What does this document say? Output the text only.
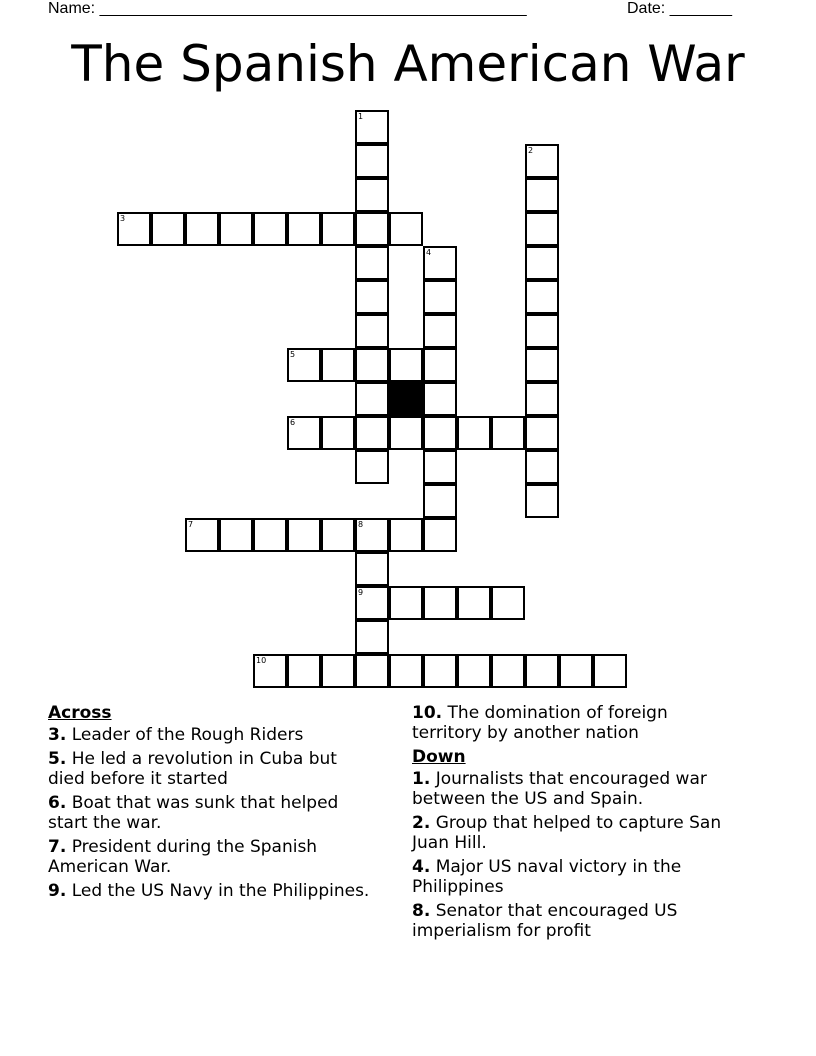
Name: ________________________________________________	Date: _______
The Spanish American War
1
2
3
4
5
6
7	8
9
10
Across
3. Leader of the Rough Riders
5. He led a revolution in Cuba but died before it started
6. Boat that was sunk that helped start the war.
7. President during the Spanish American War.
9. Led the US Navy in the Philippines.
10. The domination of foreign territory by another nation
Down
1. Journalists that encouraged war between the US and Spain.
2. Group that helped to capture San Juan Hill.
4. Major US naval victory in the Philippines
8. Senator that encouraged US imperialism for profit
